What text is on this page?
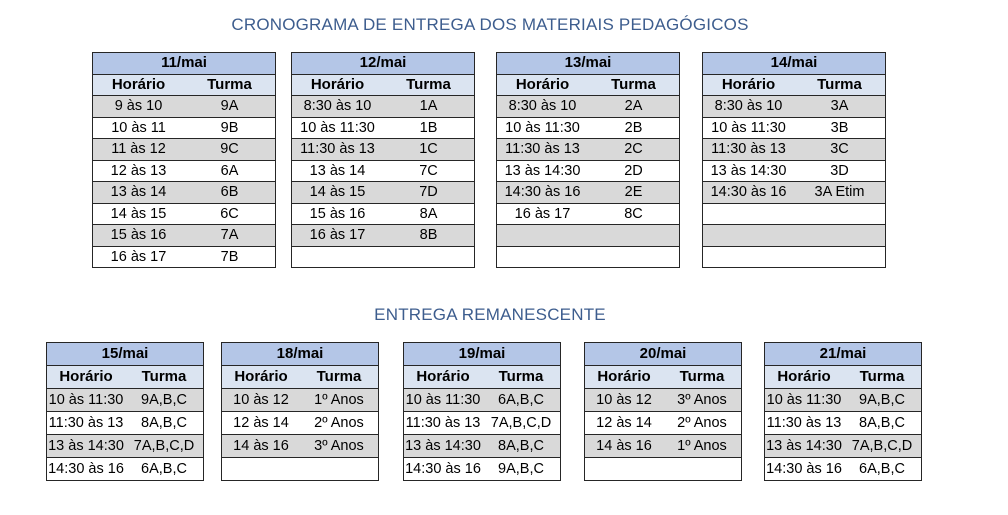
CRONOGRAMA DE ENTREGA DOS MATERIAIS PEDAGÓGICOS
ENTREGA REMANESCENTE
11/mai	
Horário	Turma
9 às 10	9A
10 às 11	9B
11 às 12	9C
12 às 13	6A
13 às 14	6B
14 às 15	6C
15 às 16	7A
16 às 17	7B
12/mai	
Horário	Turma
8:30 às 10	1A
10 às 11:30	1B
11:30 às 13	1C
13 às 14	7C
14 às 15	7D
15 às 16	8A
16 às 17	8B

13/mai	
Horário	Turma
8:30 às 10	2A
10 às 11:30	2B
11:30 às 13	2C
13 às 14:30	2D
14:30 às 16	2E
16 às 17	8C

14/mai	
Horário	Turma
8:30 às 10	3A
10 às 11:30	3B
11:30 às 13	3C
13 às 14:30	3D
14:30 às 16	3A Etim

15/mai	
Horário	Turma
10 às 11:30	9A,B,C
11:30 às 13	8A,B,C
13 às 14:30	7A,B,C,D
14:30 às 16	6A,B,C
18/mai	
Horário	Turma
10 às 12	1º Anos
12 às 14	2º Anos
14 às 16	3º Anos

19/mai	
Horário	Turma
10 às 11:30	6A,B,C
11:30 às 13	7A,B,C,D
13 às 14:30	8A,B,C
14:30 às 16	9A,B,C
20/mai	
Horário	Turma
10 às 12	3º Anos
12 às 14	2º Anos
14 às 16	1º Anos

21/mai	
Horário	Turma
10 às 11:30	9A,B,C
11:30 às 13	8A,B,C
13 às 14:30	7A,B,C,D
14:30 às 16	6A,B,C
